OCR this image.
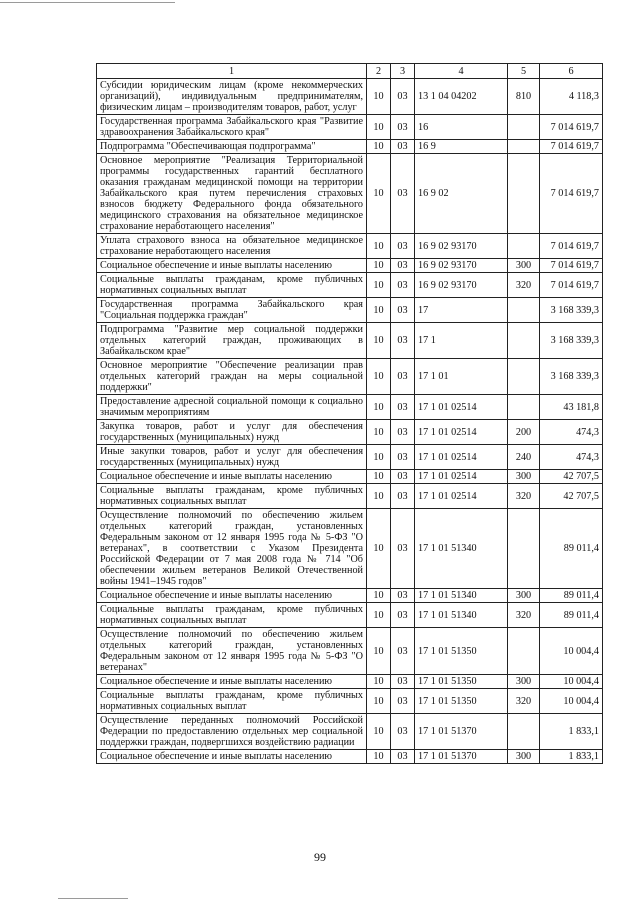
1	2	3	4	5	6
Субсидии юридическим лицам (кроме некоммерческих организаций), индивидуальным предпринимателям, физическим лицам – производителям товаров, работ, услуг	10	03	13 1 04 04202	810	4 118,3
Государственная программа Забайкальского края "Развитие здравоохранения Забайкальского края"	10	03	16		7 014 619,7
Подпрограмма "Обеспечивающая подпрограмма"	10	03	16 9		7 014 619,7
Основное мероприятие "Реализация Территориальной программы государственных гарантий бесплатного оказания гражданам медицинской помощи на территории Забайкальского края путем перечисления страховых взносов бюджету Федерального фонда обязательного медицинского страхования на обязательное медицинское страхование неработающего населения"	10	03	16 9 02		7 014 619,7
Уплата страхового взноса на обязательное медицинское страхование неработающего населения	10	03	16 9 02 93170		7 014 619,7
Социальное обеспечение и иные выплаты населению	10	03	16 9 02 93170	300	7 014 619,7
Социальные выплаты гражданам, кроме публичных нормативных социальных выплат	10	03	16 9 02 93170	320	7 014 619,7
Государственная программа Забайкальского края "Социальная поддержка граждан"	10	03	17		3 168 339,3
Подпрограмма "Развитие мер социальной поддержки отдельных категорий граждан, проживающих в Забайкальском крае"	10	03	17 1		3 168 339,3
Основное мероприятие "Обеспечение реализации прав отдельных категорий граждан на меры социальной поддержки"	10	03	17 1 01		3 168 339,3
Предоставление адресной социальной помощи к социально значимым мероприятиям	10	03	17 1 01 02514		43 181,8
Закупка товаров, работ и услуг для обеспечения государственных (муниципальных) нужд	10	03	17 1 01 02514	200	474,3
Иные закупки товаров, работ и услуг для обеспечения государственных (муниципальных) нужд	10	03	17 1 01 02514	240	474,3
Социальное обеспечение и иные выплаты населению	10	03	17 1 01 02514	300	42 707,5
Социальные выплаты гражданам, кроме публичных нормативных социальных выплат	10	03	17 1 01 02514	320	42 707,5
Осуществление полномочий по обеспечению жильем отдельных категорий граждан, установленных Федеральным законом от 12 января 1995 года № 5-ФЗ "О ветеранах", в соответствии с Указом Президента Российской Федерации от 7 мая 2008 года № 714 "Об обеспечении жильем ветеранов Великой Отечественной войны 1941–1945 годов"	10	03	17 1 01 51340		89 011,4
Социальное обеспечение и иные выплаты населению	10	03	17 1 01 51340	300	89 011,4
Социальные выплаты гражданам, кроме публичных нормативных социальных выплат	10	03	17 1 01 51340	320	89 011,4
Осуществление полномочий по обеспечению жильем отдельных категорий граждан, установленных Федеральным законом от 12 января 1995 года № 5-ФЗ "О ветеранах"	10	03	17 1 01 51350		10 004,4
Социальное обеспечение и иные выплаты населению	10	03	17 1 01 51350	300	10 004,4
Социальные выплаты гражданам, кроме публичных нормативных социальных выплат	10	03	17 1 01 51350	320	10 004,4
Осуществление переданных полномочий Российской Федерации по предоставлению отдельных мер социальной поддержки граждан, подвергшихся воздействию радиации	10	03	17 1 01 51370		1 833,1
Социальное обеспечение и иные выплаты населению	10	03	17 1 01 51370	300	1 833,1
99
